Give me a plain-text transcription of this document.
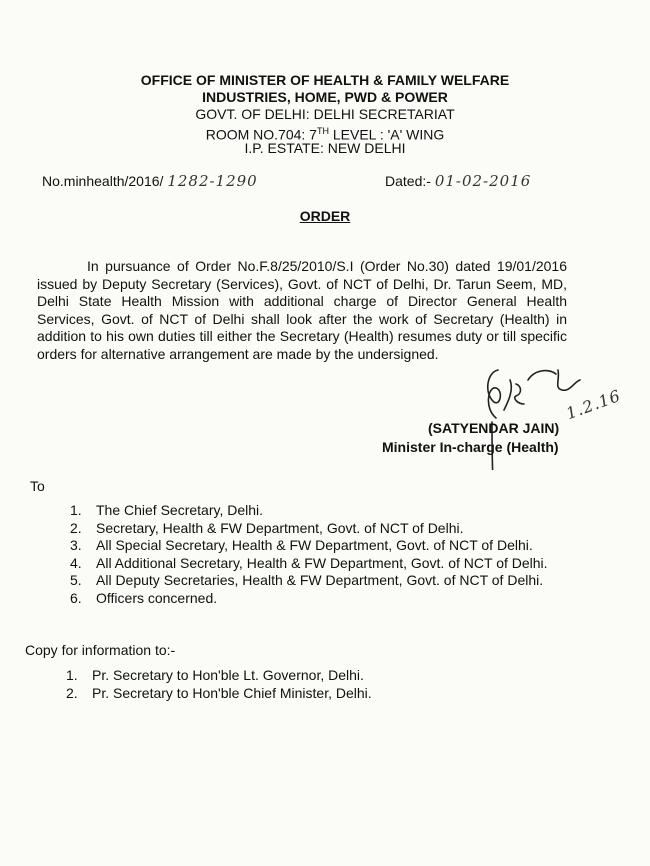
OFFICE OF MINISTER OF HEALTH & FAMILY WELFARE
INDUSTRIES, HOME, PWD & POWER
GOVT. OF DELHI: DELHI SECRETARIAT
ROOM NO.704: 7TH LEVEL : 'A' WING
I.P. ESTATE: NEW DELHI
No.minhealth/2016/ 1282-1290	Dated:- 01-02-2016
ORDER

In pursuance of Order No.F.8/25/2010/S.I (Order No.30) dated 19/01/2016 issued by Deputy Secretary (Services), Govt. of NCT of Delhi, Dr. Tarun Seem, MD, Delhi State Health Mission with additional charge of Director General Health Services, Govt. of NCT of Delhi shall look after the work of Secretary (Health) in addition to his own duties till either the Secretary (Health) resumes duty or till specific orders for alternative arrangement are made by the undersigned.

1.2.16
(SATYENDAR JAIN)
Minister In-charge (Health)
To
1. The Chief Secretary, Delhi.
2. Secretary, Health & FW Department, Govt. of NCT of Delhi.
3. All Special Secretary, Health & FW Department, Govt. of NCT of Delhi.
4. All Additional Secretary, Health & FW Department, Govt. of NCT of Delhi.
5. All Deputy Secretaries, Health & FW Department, Govt. of NCT of Delhi.
6. Officers concerned.
Copy for information to:-
1. Pr. Secretary to Hon'ble Lt. Governor, Delhi.
2. Pr. Secretary to Hon'ble Chief Minister, Delhi.
